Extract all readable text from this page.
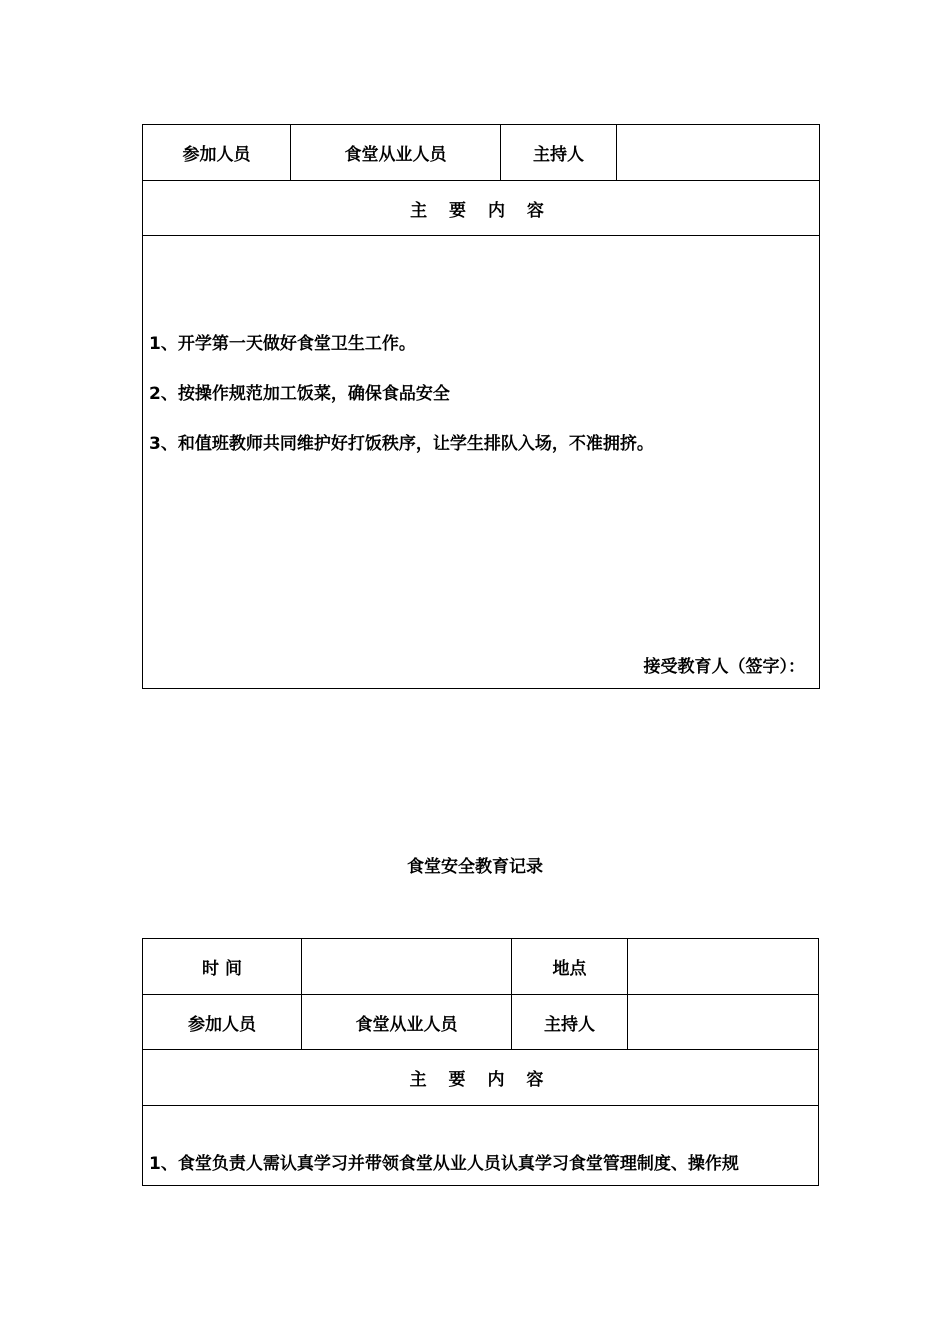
参加人员	食堂从业人员	主持人	
主 要 内 容

1、开学第一天做好食堂卫生工作。
2、按操作规范加工饭菜，确保食品安全
3、和值班教师共同维护好打饭秩序，让学生排队入场，不准拥挤。
接受教育人（签字）：
食堂安全教育记录
时 间		地点	
参加人员	食堂从业人员	主持人	
主 要 内 容			

1、食堂负责人需认真学习并带领食堂从业人员认真学习食堂管理制度、操作规			
